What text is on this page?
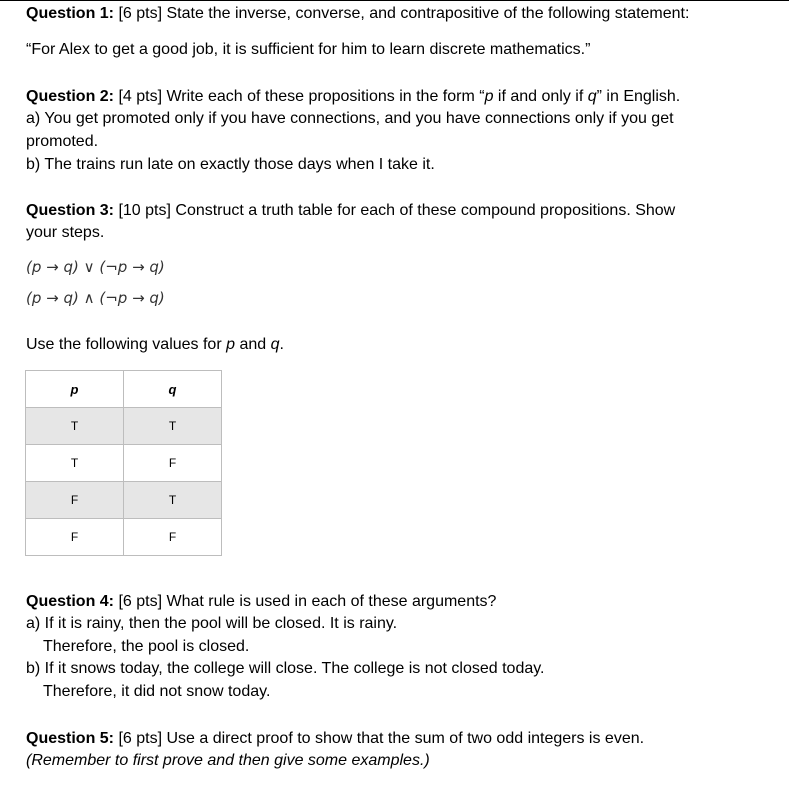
Question 1: [6 pts] State the inverse, converse, and contrapositive of the following statement:
“For Alex to get a good job, it is sufficient for him to learn discrete mathematics.”
Question 2: [4 pts] Write each of these propositions in the form “p if and only if q” in English.
a) You get promoted only if you have connections, and you have connections only if you get
promoted.
b) The trains run late on exactly those days when I take it.
Question 3: [10 pts] Construct a truth table for each of these compound propositions. Show
your steps.
(p → q) ∨ (¬p → q)
(p → q) ∧ (¬p → q)
Use the following values for p and q.
p	q
T	T
T	F
F	T
F	F
Question 4: [6 pts] What rule is used in each of these arguments?
a) If it is rainy, then the pool will be closed. It is rainy.
Therefore, the pool is closed.
b) If it snows today, the college will close. The college is not closed today.
Therefore, it did not snow today.
Question 5: [6 pts] Use a direct proof to show that the sum of two odd integers is even.
(Remember to first prove and then give some examples.)
